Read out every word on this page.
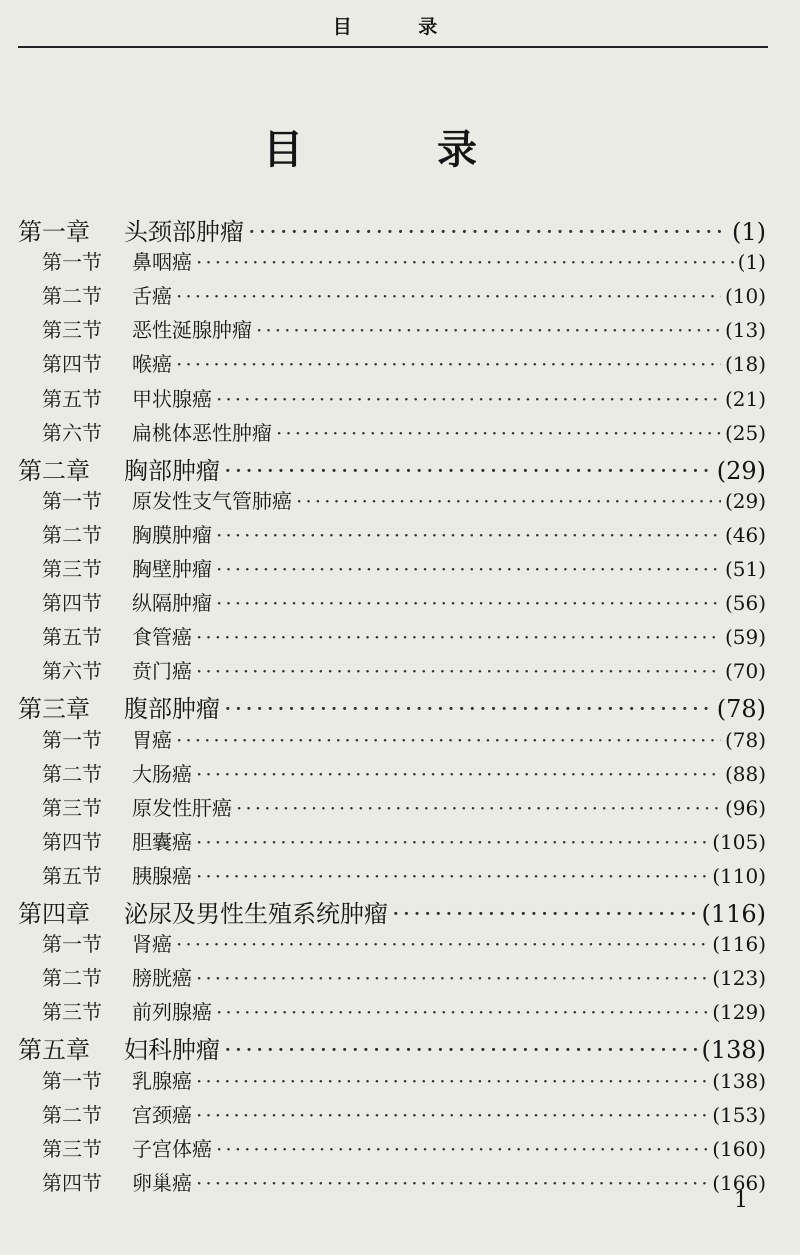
目 录
目 录
第一章	头颈部肿瘤 ·····	(1)
第一节	鼻咽癌 ·····	(1)
第二节	舌癌 ·····	(10)
第三节	恶性涎腺肿瘤 ·····	(13)
第四节	喉癌 ·····	(18)
第五节	甲状腺癌 ·····	(21)
第六节	扁桃体恶性肿瘤 ·····	(25)
第二章	胸部肿瘤 ·····	(29)
第一节	原发性支气管肺癌 ·····	(29)
第二节	胸膜肿瘤 ·····	(46)
第三节	胸壁肿瘤 ·····	(51)
第四节	纵隔肿瘤 ·····	(56)
第五节	食管癌 ·····	(59)
第六节	贲门癌 ·····	(70)
第三章	腹部肿瘤 ·····	(78)
第一节	胃癌 ·····	(78)
第二节	大肠癌 ·····	(88)
第三节	原发性肝癌 ·····	(96)
第四节	胆囊癌 ·····	(105)
第五节	胰腺癌 ·····	(110)
第四章	泌尿及男性生殖系统肿瘤 ·····	(116)
第一节	肾癌 ·····	(116)
第二节	膀胱癌 ·····	(123)
第三节	前列腺癌 ·····	(129)
第五章	妇科肿瘤 ·····	(138)
第一节	乳腺癌 ·····	(138)
第二节	宫颈癌 ·····	(153)
第三节	子宫体癌 ·····	(160)
第四节	卵巢癌 ·····	(166)
1
